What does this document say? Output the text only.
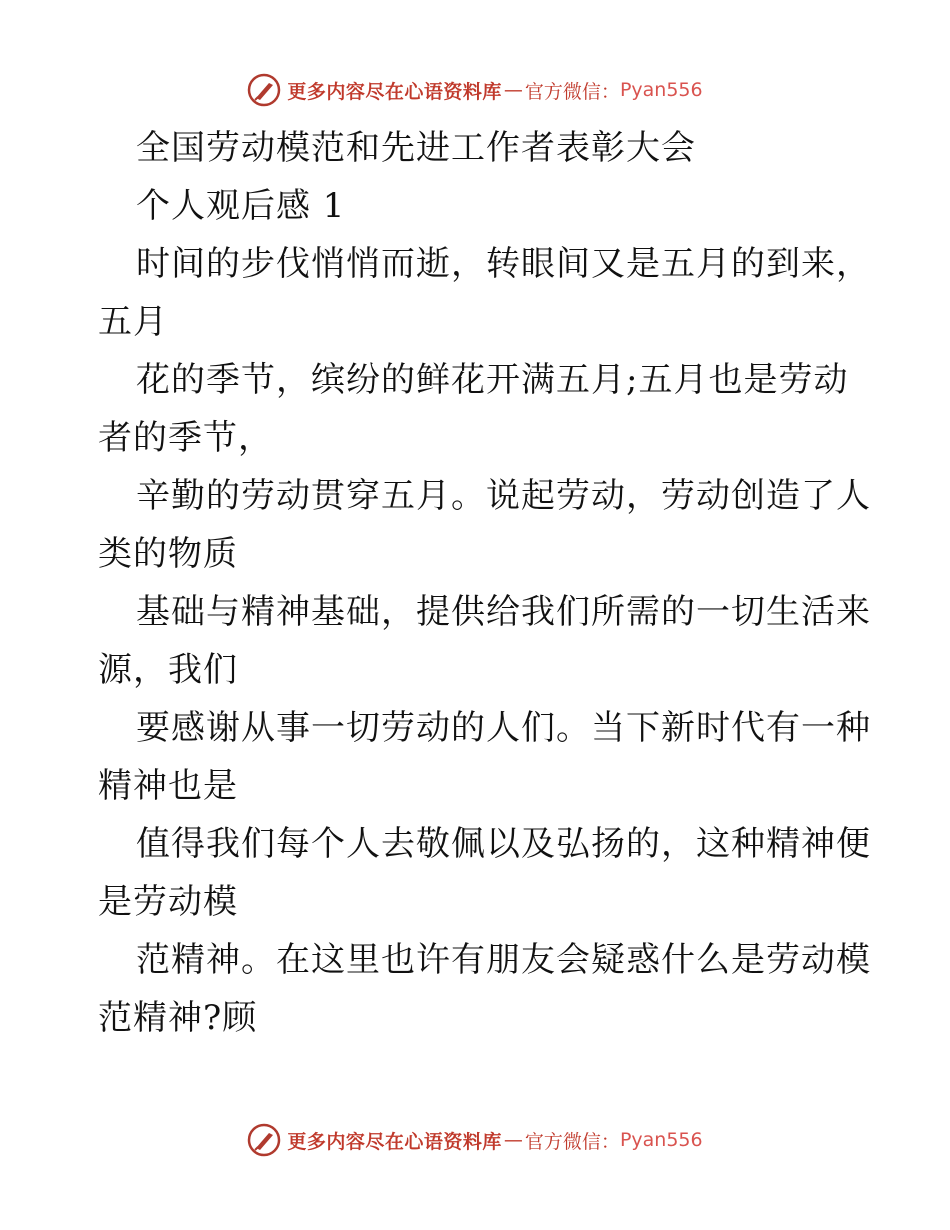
更多内容尽在心语资料库 — 官方微信： Pyan556
全国劳动模范和先进工作者表彰大会
个人观后感 1
时间的步伐悄悄而逝，转眼间又是五月的到来，
五月
花的季节，缤纷的鲜花开满五月;五月也是劳动
者的季节，
辛勤的劳动贯穿五月。说起劳动，劳动创造了人
类的物质
基础与精神基础，提供给我们所需的一切生活来
源，我们
要感谢从事一切劳动的人们。当下新时代有一种
精神也是
值得我们每个人去敬佩以及弘扬的，这种精神便
是劳动模
范精神。在这里也许有朋友会疑惑什么是劳动模
范精神?顾
更多内容尽在心语资料库 — 官方微信： Pyan556
